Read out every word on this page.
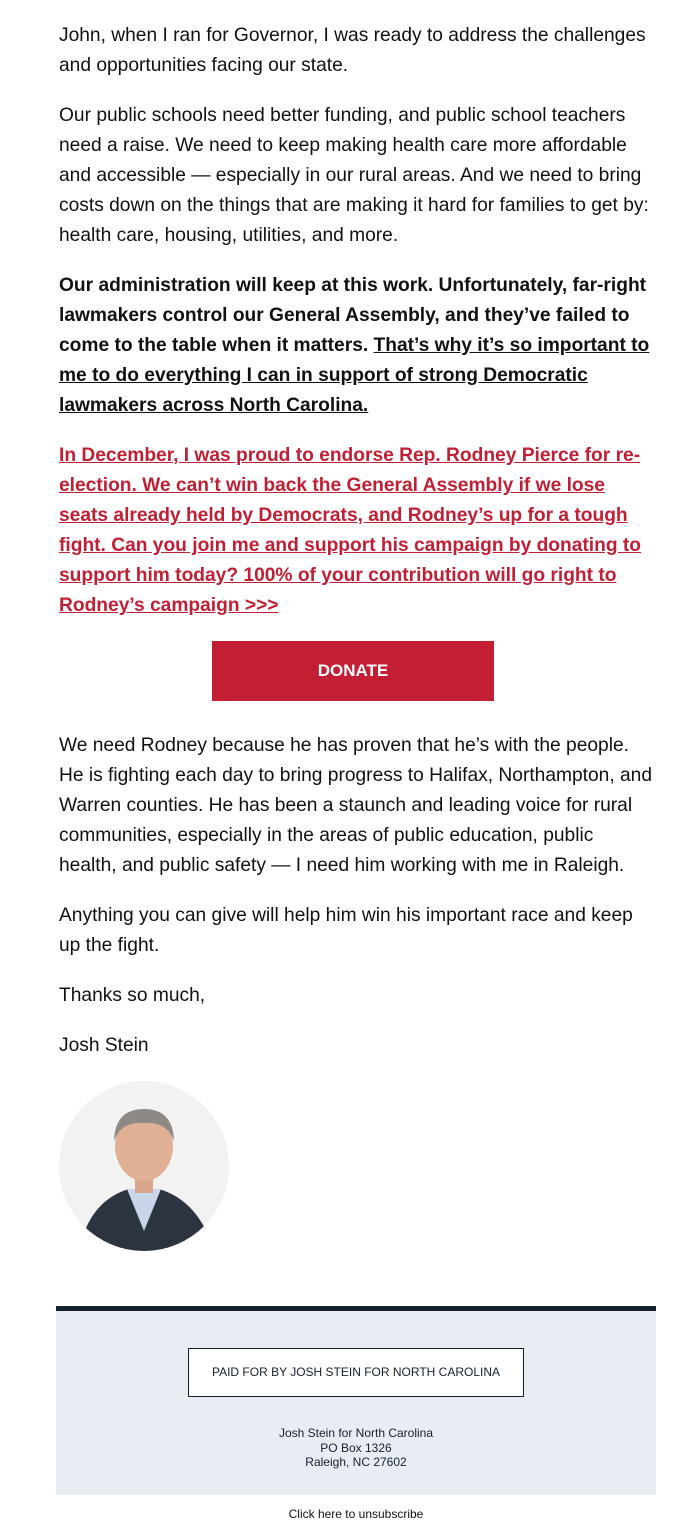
John, when I ran for Governor, I was ready to address the challenges and opportunities facing our state.

Our public schools need better funding, and public school teachers need a raise. We need to keep making health care more affordable and accessible — especially in our rural areas. And we need to bring costs down on the things that are making it hard for families to get by: health care, housing, utilities, and more.

Our administration will keep at this work. Unfortunately, far-right lawmakers control our General Assembly, and they’ve failed to come to the table when it matters. That’s why it’s so important to me to do everything I can in support of strong Democratic lawmakers across North Carolina.

In December, I was proud to endorse Rep. Rodney Pierce for re-election. We can’t win back the General Assembly if we lose seats already held by Democrats, and Rodney’s up for a tough fight. Can you join me and support his campaign by donating to support him today? 100% of your contribution will go right to Rodney’s campaign >>>

DONATE

We need Rodney because he has proven that he’s with the people. He is fighting each day to bring progress to Halifax, Northampton, and Warren counties. He has been a staunch and leading voice for rural communities, especially in the areas of public education, public health, and public safety — I need him working with me in Raleigh.

Anything you can give will help him win his important race and keep up the fight.

Thanks so much,

Josh Stein

PAID FOR BY JOSH STEIN FOR NORTH CAROLINA
Josh Stein for North Carolina
PO Box 1326
Raleigh, NC 27602
Click here to unsubscribe
